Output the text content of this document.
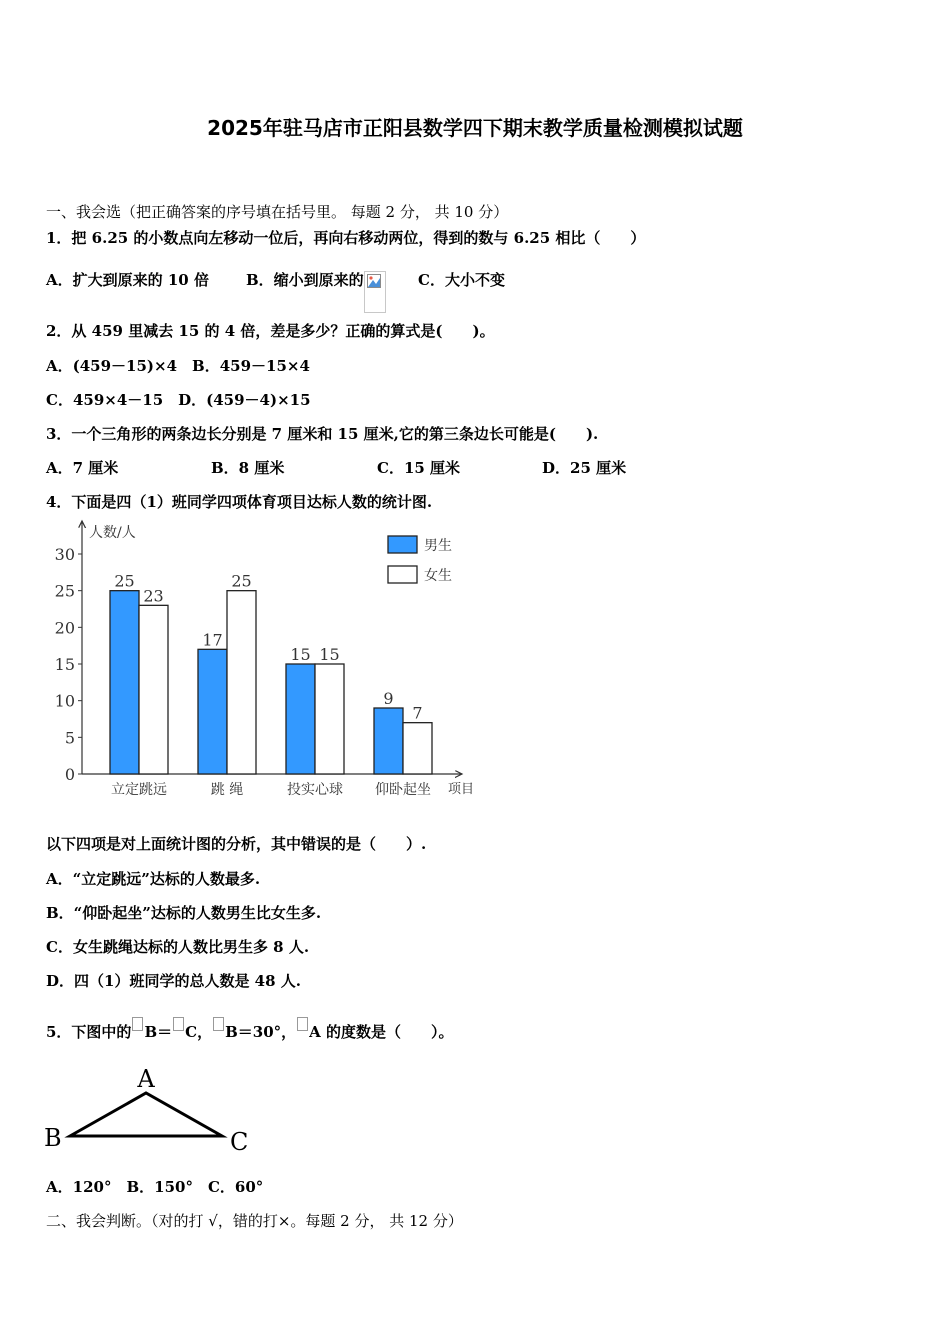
2025年驻马店市正阳县数学四下期末教学质量检测模拟试题
一、我会选（把正确答案的序号填在括号里。 每题 2 分， 共 10 分）
1．把 6.25 的小数点向左移动一位后，再向右移动两位，得到的数与 6.25 相比（　　）
A．扩大到原来的 10 倍 B．缩小到原来的	C．大小不变
2．从 459 里减去 15 的 4 倍，差是多少？正确的算式是(　　)。
A．(459－15)×4　B．459－15×4
C．459×4－15　D．(459－4)×15
3．一个三角形的两条边长分别是 7 厘米和 15 厘米,它的第三条边长可能是(　　).
A．7 厘米	B．8 厘米	C．15 厘米	D．25 厘米
4．下面是四（1）班同学四项体育项目达标人数的统计图.
人数/人
项目
0
5
10
15
20
25
30
25
23
立定跳远
17
25
跳 绳
15 15
投实心球
9
7
仰卧起坐
男生
女生
以下四项是对上面统计图的分析，其中错误的是（　　）.
A．“立定跳远”达标的人数最多.
B．“仰卧起坐”达标的人数男生比女生多.
C．女生跳绳达标的人数比男生多 8 人.
D．四（1）班同学的总人数是 48 人.
5．下图中的 B＝ C， B＝30°， A 的度数是（　　）。
A
B	C
A．120°　B．150°　C．60°
二、我会判断。（对的打 √，错的打×。每题 2 分， 共 12 分）
